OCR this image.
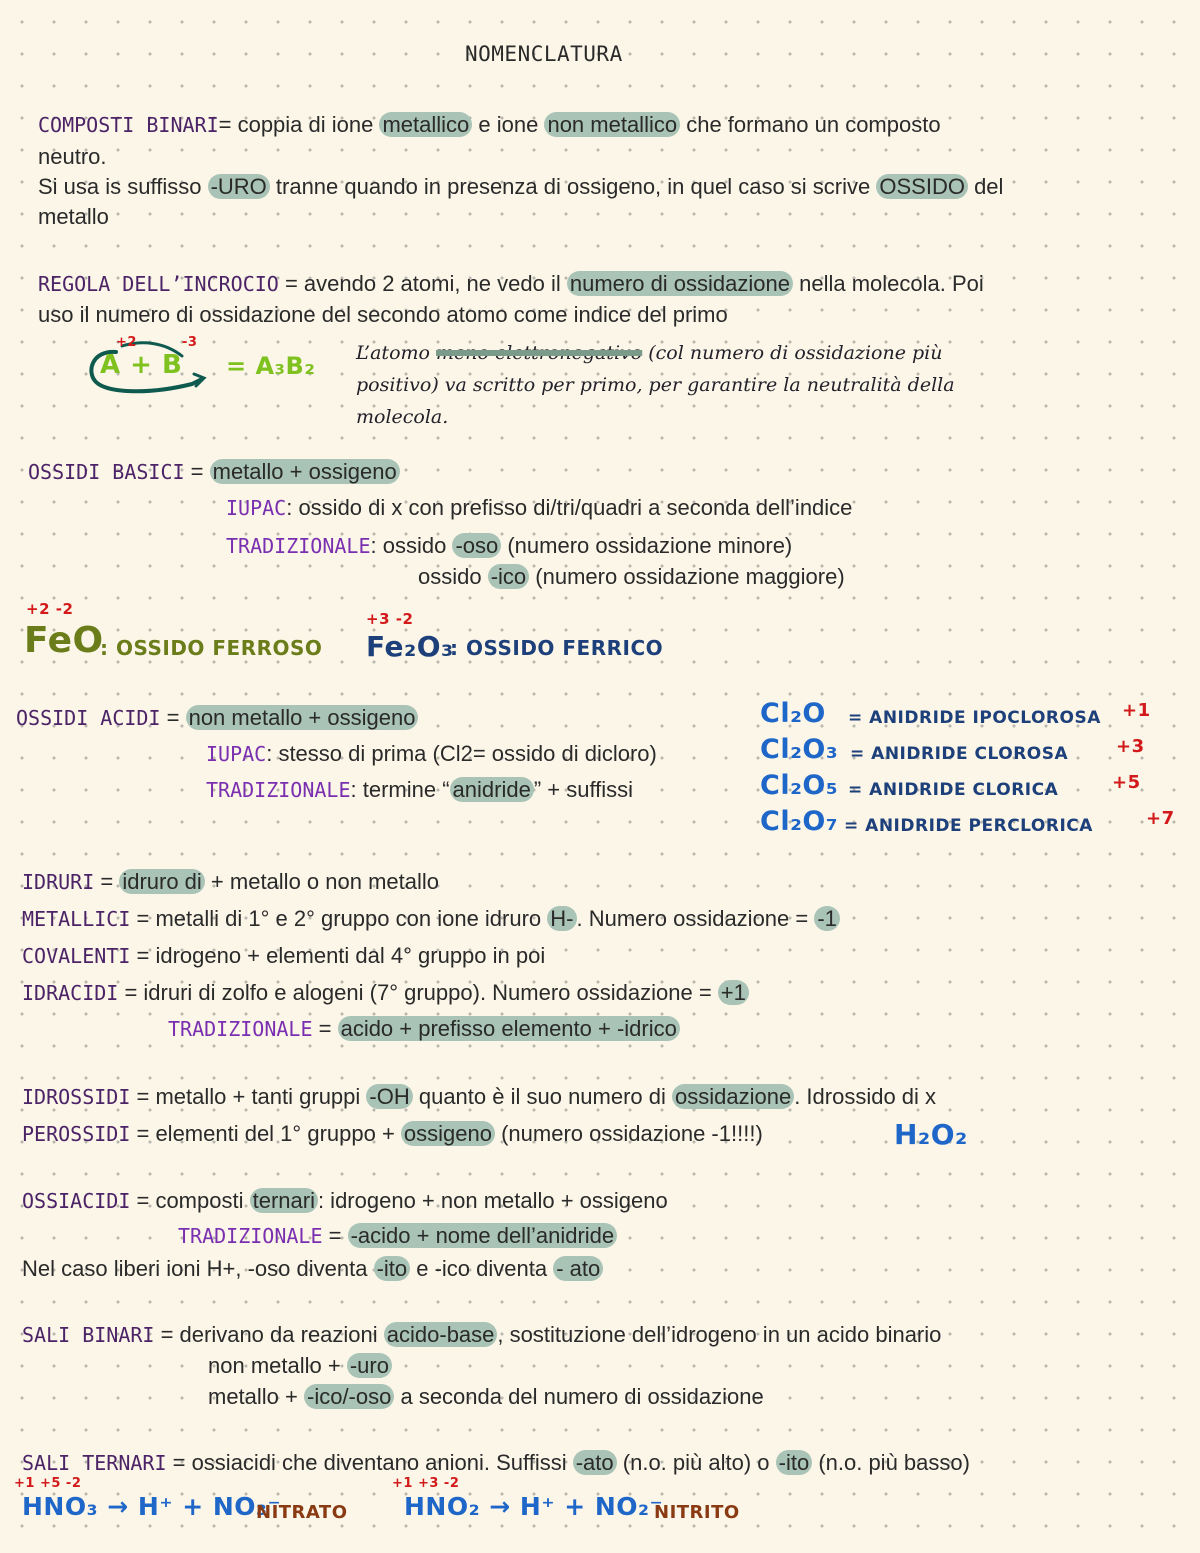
NOMENCLATURA
COMPOSTI BINARI= coppia di ione metallico e ione non metallico che formano un composto
neutro.
Si usa is suffisso -URO tranne quando in presenza di ossigeno, in quel caso si scrive OSSIDO del
metallo
REGOLA DELL’INCROCIO = avendo 2 atomi, ne vedo il numero di ossidazione nella molecola. Poi
uso il numero di ossidazione del secondo atomo come indice del primo
+2	-3
A + B = A₃B₂ L’atomo meno elettronegativo (col numero di ossidazione più
positivo) va scritto per primo, per garantire la neutralità della
molecola.
OSSIDI BASICI = metallo + ossigeno
IUPAC: ossido di x con prefisso di/tri/quadri a seconda dell’indice
TRADIZIONALE: ossido -oso (numero ossidazione minore)
ossido -ico (numero ossidazione maggiore)
+2 -2
FeO
: OSSIDO FERROSO
+3 -2
Fe₂O₃
: OSSIDO FERRICO
OSSIDI ACIDI = non metallo + ossigeno
IUPAC: stesso di prima (Cl2= ossido di dicloro)
TRADIZIONALE: termine “ anidride ” + suffissi
Cl₂O = ANIDRIDE IPOCLOROSA +1
Cl₂O₃ = ANIDRIDE CLOROSA	+3
Cl₂O₅ = ANIDRIDE CLORICA	+5
Cl₂O₇ = ANIDRIDE PERCLORICA	+7
IDRURI = idruro di + metallo o non metallo
METALLICI = metalli di 1° e 2° gruppo con ione idruro H- . Numero ossidazione = -1
COVALENTI = idrogeno + elementi dal 4° gruppo in poi
IDRACIDI = idruri di zolfo e alogeni (7° gruppo). Numero ossidazione = +1
TRADIZIONALE = acido + prefisso elemento + -idrico
IDROSSIDI = metallo + tanti gruppi -OH quanto è il suo numero di ossidazione . Idrossido di x
PEROSSIDI = elementi del 1° gruppo + ossigeno (numero ossidazione -1!!!!)	H₂O₂
OSSIACIDI = composti ternari : idrogeno + non metallo + ossigeno
TRADIZIONALE = -acido + nome dell’anidride
Nel caso liberi ioni H+, -oso diventa -ito e -ico diventa - ato
SALI BINARI = derivano da reazioni acido-base , sostituzione dell’idrogeno in un acido binario
non metallo + -uro
metallo + -ico/-oso a seconda del numero di ossidazione
SALI TERNARI = ossiacidi che diventano anioni. Suffissi -ato (n.o. più alto) o -ito (n.o. più basso)
+1 +5 -2
HNO₃ → H⁺ + NO₃⁻
NITRATO
+1 +3 -2
HNO₂ → H⁺ + NO₂⁻
NITRITO
